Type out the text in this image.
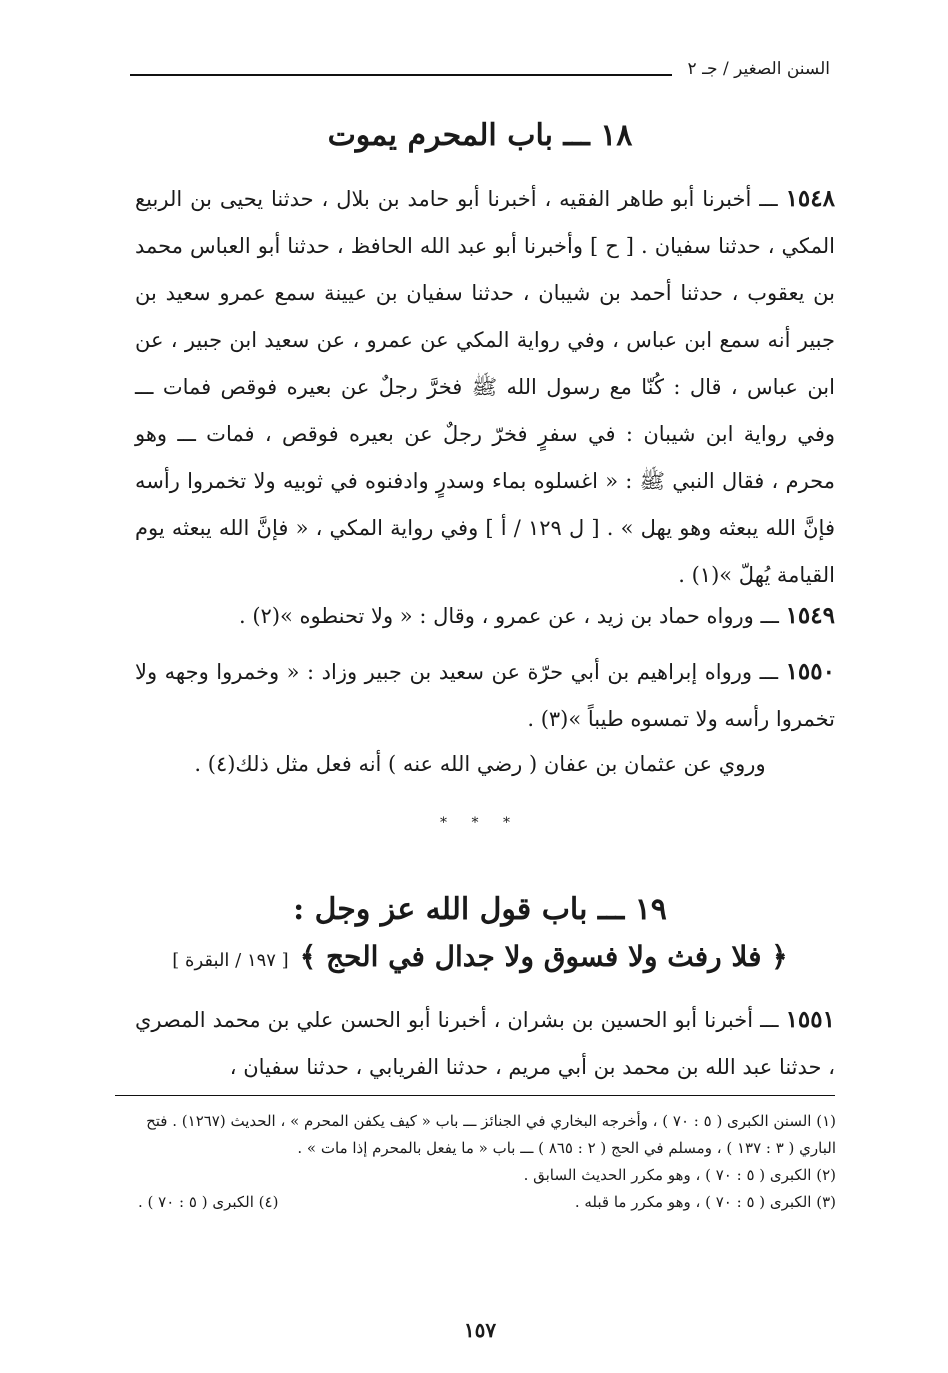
السنن الصغير / جـ ٢
١٨ ـــ باب المحرم يموت

١٥٤٨ ـــ أخبرنا أبو طاهر الفقيه ، أخبرنا أبو حامد بن بلال ، حدثنا يحيى بن الربيع المكي ، حدثنا سفيان . [ ح ] وأخبرنا أبو عبد الله الحافظ ، حدثنا أبو العباس محمد بن يعقوب ، حدثنا أحمد بن شيبان ، حدثنا سفيان بن عيينة سمع عمرو سعيد بن جبير أنه سمع ابن عباس ، وفي رواية المكي عن عمرو ، عن سعيد ابن جبير ، عن ابن عباس ، قال : كُنّا مع رسول الله ﷺ فخرَّ رجلٌ عن بعيره فوقص فمات ـــ وفي رواية ابن شيبان : في سفرٍ فخرّ رجلٌ عن بعيره فوقص ، فمات ـــ وهو محرم ، فقال النبي ﷺ : « اغسلوه بماء وسدرٍ وادفنوه في ثوبيه ولا تخمروا رأسه فإنَّ الله يبعثه وهو يهل » . [ ل ١٢٩ / أ ] وفي رواية المكي ، « فإنَّ الله يبعثه يوم القيامة يُهلّ »(١) .

١٥٤٩ ـــ ورواه حماد بن زيد ، عن عمرو ، وقال : « ولا تحنطوه »(٢) .

١٥٥٠ ـــ ورواه إبراهيم بن أبي حرّة عن سعيد بن جبير وزاد : « وخمروا وجهه ولا تخمروا رأسه ولا تمسوه طيباً »(٣) .

وروي عن عثمان بن عفان ( رضي الله عنه ) أنه فعل مثل ذلك(٤) .

* * *
١٩ ـــ باب قول الله عز وجل :

﴿ فلا رفث ولا فسوق ولا جدال في الحج ﴾ [ ١٩٧ / البقرة ]

١٥٥١ ـــ أخبرنا أبو الحسين بن بشران ، أخبرنا أبو الحسن علي بن محمد المصري ، حدثنا عبد الله بن محمد بن أبي مريم ، حدثنا الفريابي ، حدثنا سفيان ،

(١) السنن الكبرى ( ٥ : ٧٠ ) ، وأخرجه البخاري في الجنائز ـــ باب « كيف يكفن المحرم » ، الحديث (١٢٦٧) . فتح الباري ( ٣ : ١٣٧ ) ، ومسلم في الحج ( ٢ : ٨٦٥ ) ـــ باب « ما يفعل بالمحرم إذا مات » .
(٢) الكبرى ( ٥ : ٧٠ ) ، وهو مكرر الحديث السابق .
(٣) الكبرى ( ٥ : ٧٠ ) ، وهو مكرر ما قبله .
(٤) الكبرى ( ٥ : ٧٠ ) .
١٥٧
